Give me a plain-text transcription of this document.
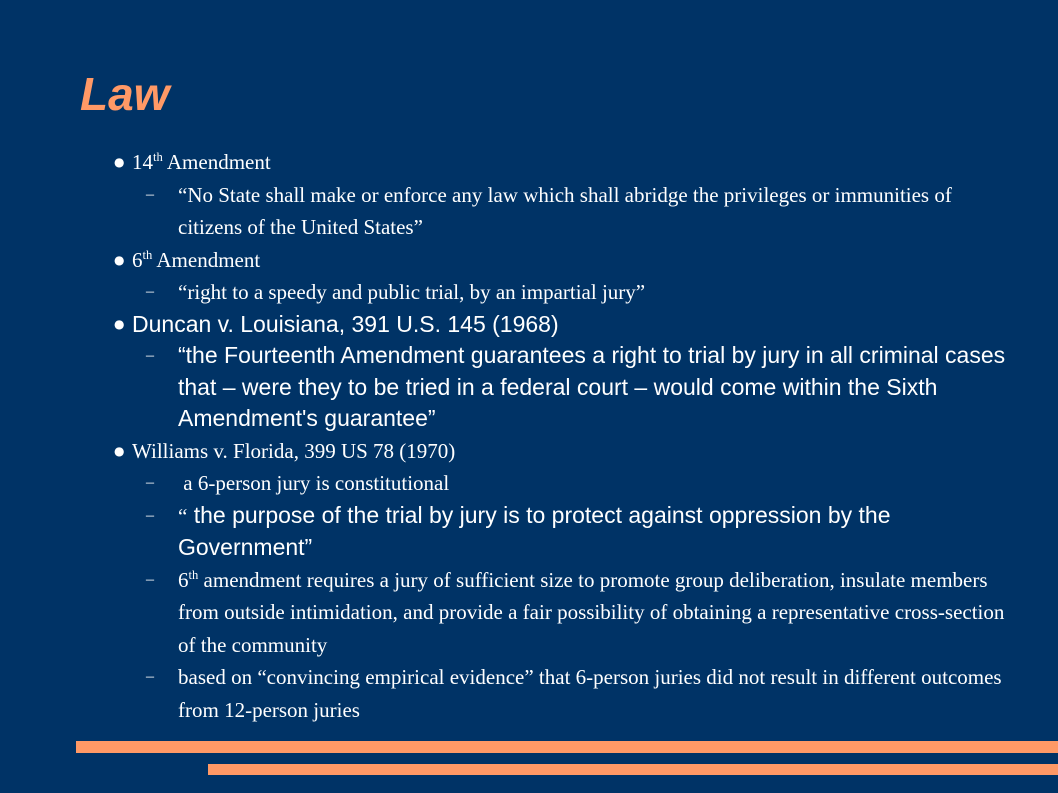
Law
● 14th Amendment
– “No State shall make or enforce any law which shall abridge the privileges or immunities of citizens of the United States”
● 6th Amendment
– “right to a speedy and public trial, by an impartial jury”
● Duncan v. Louisiana, 391 U.S. 145 (1968)
– “the Fourteenth Amendment guarantees a right to trial by jury in all criminal cases that – were they to be tried in a federal court – would come within the Sixth Amendment's guarantee”
● Williams v. Florida, 399 US 78 (1970)
– a 6-person jury is constitutional
– “ the purpose of the trial by jury is to protect against oppression by the Government”
– 6th amendment requires a jury of sufficient size to promote group deliberation, insulate members from outside intimidation, and provide a fair possibility of obtaining a representative cross-section of the community
– based on “convincing empirical evidence” that 6-person juries did not result in different outcomes from 12-person juries
